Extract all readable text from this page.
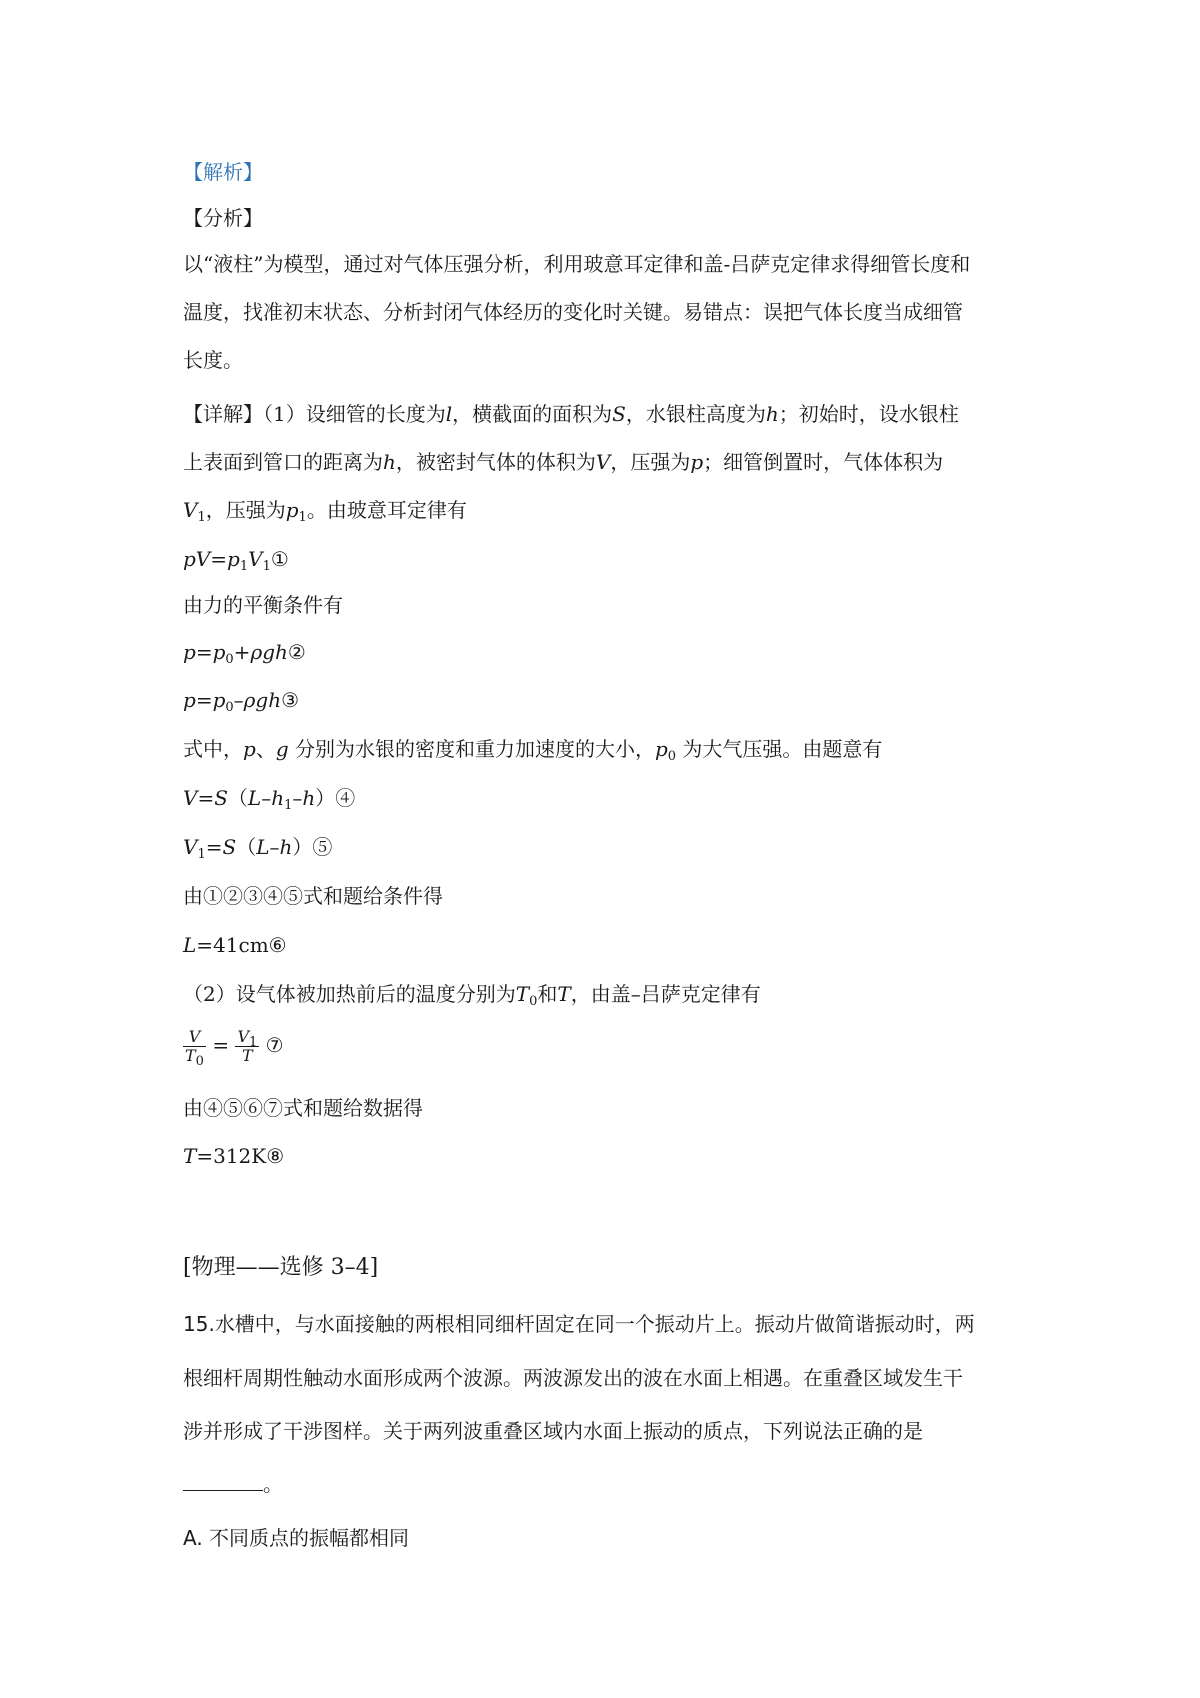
【解析】
【分析】
以“液柱”为模型，通过对气体压强分析，利用玻意耳定律和盖-吕萨克定律求得细管长度和
温度，找准初末状态、分析封闭气体经历的变化时关键。易错点：误把气体长度当成细管
长度。
【详解】（1）设细管的长度为l，横截面的面积为S，水银柱高度为h；初始时，设水银柱
上表面到管口的距离为h，被密封气体的体积为V，压强为p；细管倒置时，气体体积为
$V_1$，压强为$p_1$。由玻意耳定律有
$pV=p_1V_1①$
由力的平衡条件有
$p=p_0+\rho gh②$
$p=p_0$–ρgh③
式中，p、g 分别为水银的密度和重力加速度的大小，$p_0$ 为大气压强。由题意有
$V=S(L-h_1-h)④$
$V_1=S(L-h)⑤$
由①②③④⑤式和题给条件得
L=41cm⑥
（2）设气体被加热前后的温度分别为$T_0$和T，由盖–吕萨克定律有
$\frac{V}{T_0} = \frac{V_1}{T}$ ⑦
由④⑤⑥⑦式和题给数据得
T=312K⑧
[物理——选修 3–4]
15.水槽中，与水面接触的两根相同细杆固定在同一个振动片上。振动片做简谐振动时，两
根细杆周期性触动水面形成两个波源。两波源发出的波在水面上相遇。在重叠区域发生干
涉并形成了干涉图样。关于两列波重叠区域内水面上振动的质点，下列说法正确的是
。
A. 不同质点的振幅都相同
